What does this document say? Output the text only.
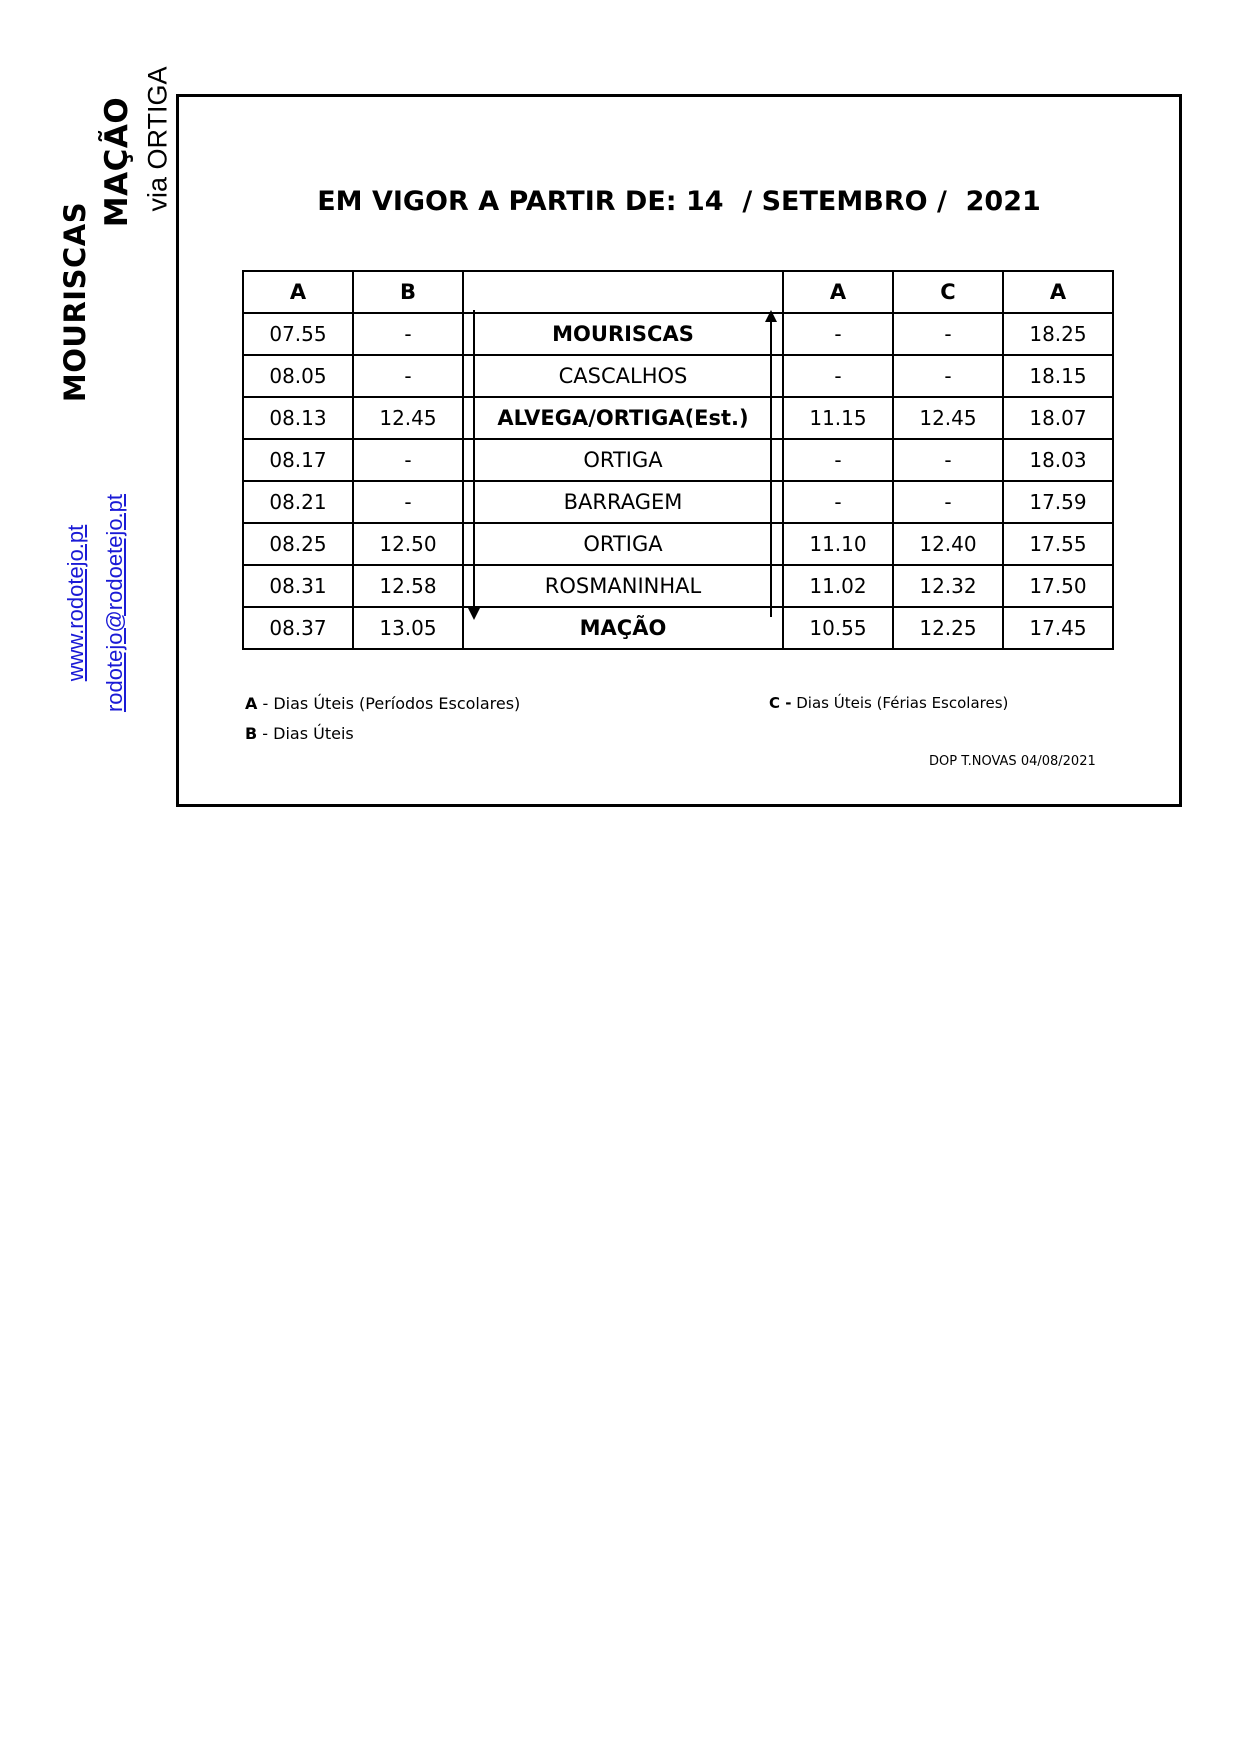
MOURISCAS
MAÇÃO via ORTIGA
www.rodotejo.pt rodotejo@rodoetejo.pt
EM VIGOR A PARTIR DE: 14  / SETEMBRO /  2021
A	B		A	C	A
07.55	-	MOURISCAS	-	-	18.25
08.05	-	CASCALHOS	-	-	18.15
08.13	12.45	ALVEGA/ORTIGA(Est.)	11.15	12.45	18.07
08.17	-	ORTIGA	-	-	18.03
08.21	-	BARRAGEM	-	-	17.59
08.25	12.50	ORTIGA	11.10	12.40	17.55
08.31	12.58	ROSMANINHAL	11.02	12.32	17.50
08.37	13.05	MAÇÃO	10.55	12.25	17.45
A - Dias Úteis (Períodos Escolares)
B - Dias Úteis
C - Dias Úteis (Férias Escolares)
DOP T.NOVAS 04/08/2021
